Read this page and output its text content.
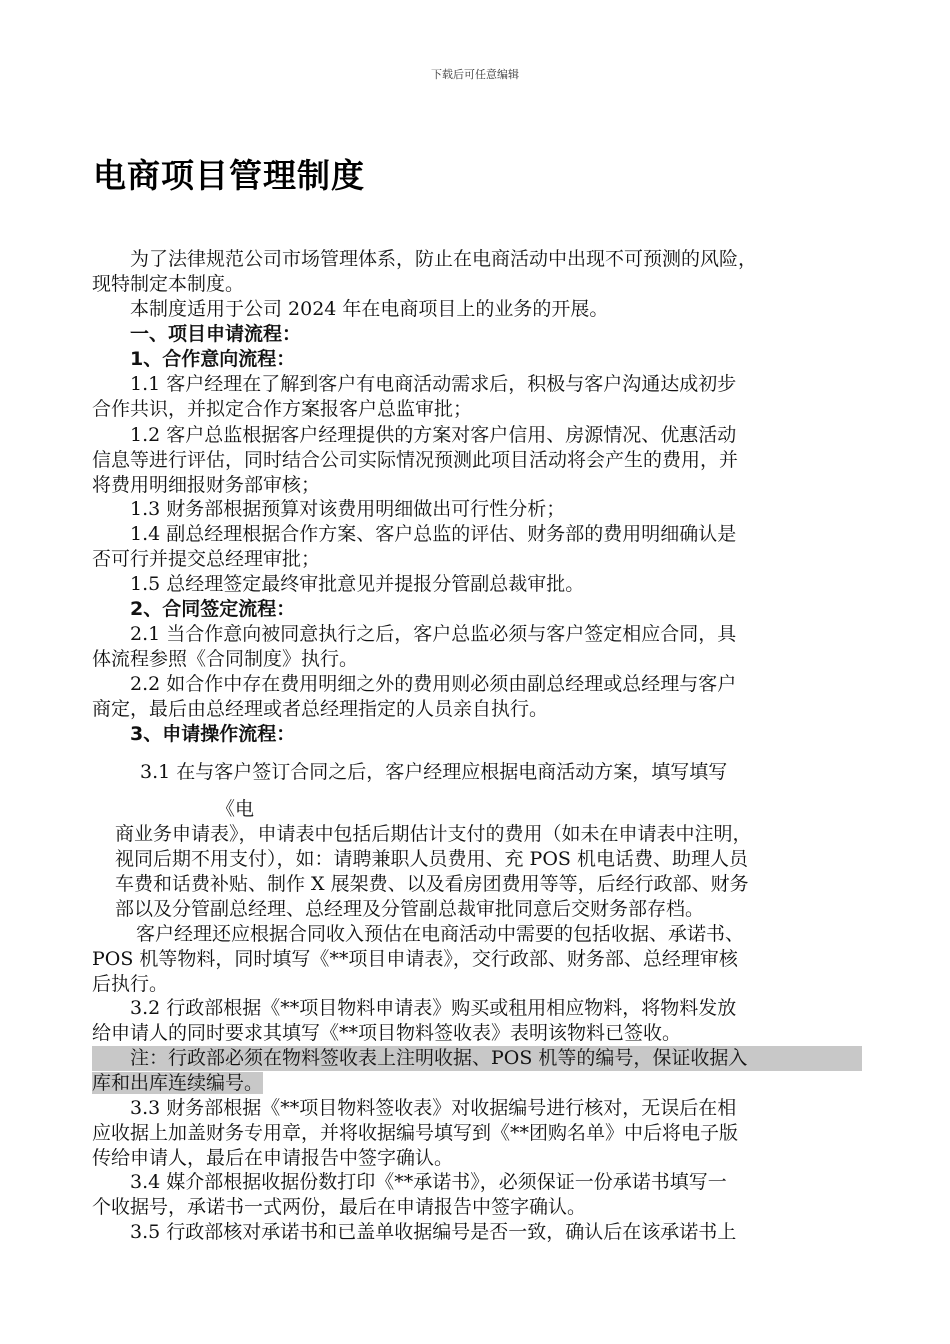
下载后可任意编辑
电商项目管理制度
　　为了法律规范公司市场管理体系，防止在电商活动中出现不可预测的风险，
现特制定本制度。
　　本制度适用于公司 2024 年在电商项目上的业务的开展。
　　一、项目申请流程：
　　1、合作意向流程：
　　1.1 客户经理在了解到客户有电商活动需求后，积极与客户沟通达成初步
合作共识，并拟定合作方案报客户总监审批；
　　1.2 客户总监根据客户经理提供的方案对客户信用、房源情况、优惠活动
信息等进行评估，同时结合公司实际情况预测此项目活动将会产生的费用，并
将费用明细报财务部审核；
　　1.3 财务部根据预算对该费用明细做出可行性分析；
　　1.4 副总经理根据合作方案、客户总监的评估、财务部的费用明细确认是
否可行并提交总经理审批；
　　1.5 总经理签定最终审批意见并提报分管副总裁审批。
　　2、合同签定流程：
　　2.1 当合作意向被同意执行之后，客户总监必须与客户签定相应合同，具
体流程参照《合同制度》执行。
　　2.2 如合作中存在费用明细之外的费用则必须由副总经理或总经理与客户
商定，最后由总经理或者总经理指定的人员亲自执行。
　　3、申请操作流程：
3.1 在与客户签订合同之后，客户经理应根据电商活动方案，填写填写
《电
商业务申请表》，申请表中包括后期估计支付的费用（如未在申请表中注明，
视同后期不用支付），如：请聘兼职人员费用、充 POS 机电话费、助理人员
车费和话费补贴、制作 X 展架费、以及看房团费用等等，后经行政部、财务
部以及分管副总经理、总经理及分管副总裁审批同意后交财务部存档。
　　 客户经理还应根据合同收入预估在电商活动中需要的包括收据、承诺书、
POS 机等物料，同时填写《**项目申请表》，交行政部、财务部、总经理审核
后执行。
　　3.2 行政部根据《**项目物料申请表》购买或租用相应物料，将物料发放
给申请人的同时要求其填写《**项目物料签收表》表明该物料已签收。
　　注：行政部必须在物料签收表上注明收据、POS 机等的编号，保证收据入
库和出库连续编号。
　　3.3 财务部根据《**项目物料签收表》对收据编号进行核对，无误后在相
应收据上加盖财务专用章，并将收据编号填写到《**团购名单》中后将电子版
传给申请人，最后在申请报告中签字确认。
　　3.4 媒介部根据收据份数打印《**承诺书》，必须保证一份承诺书填写一
个收据号，承诺书一式两份，最后在申请报告中签字确认。
　　3.5 行政部核对承诺书和已盖单收据编号是否一致，确认后在该承诺书上
